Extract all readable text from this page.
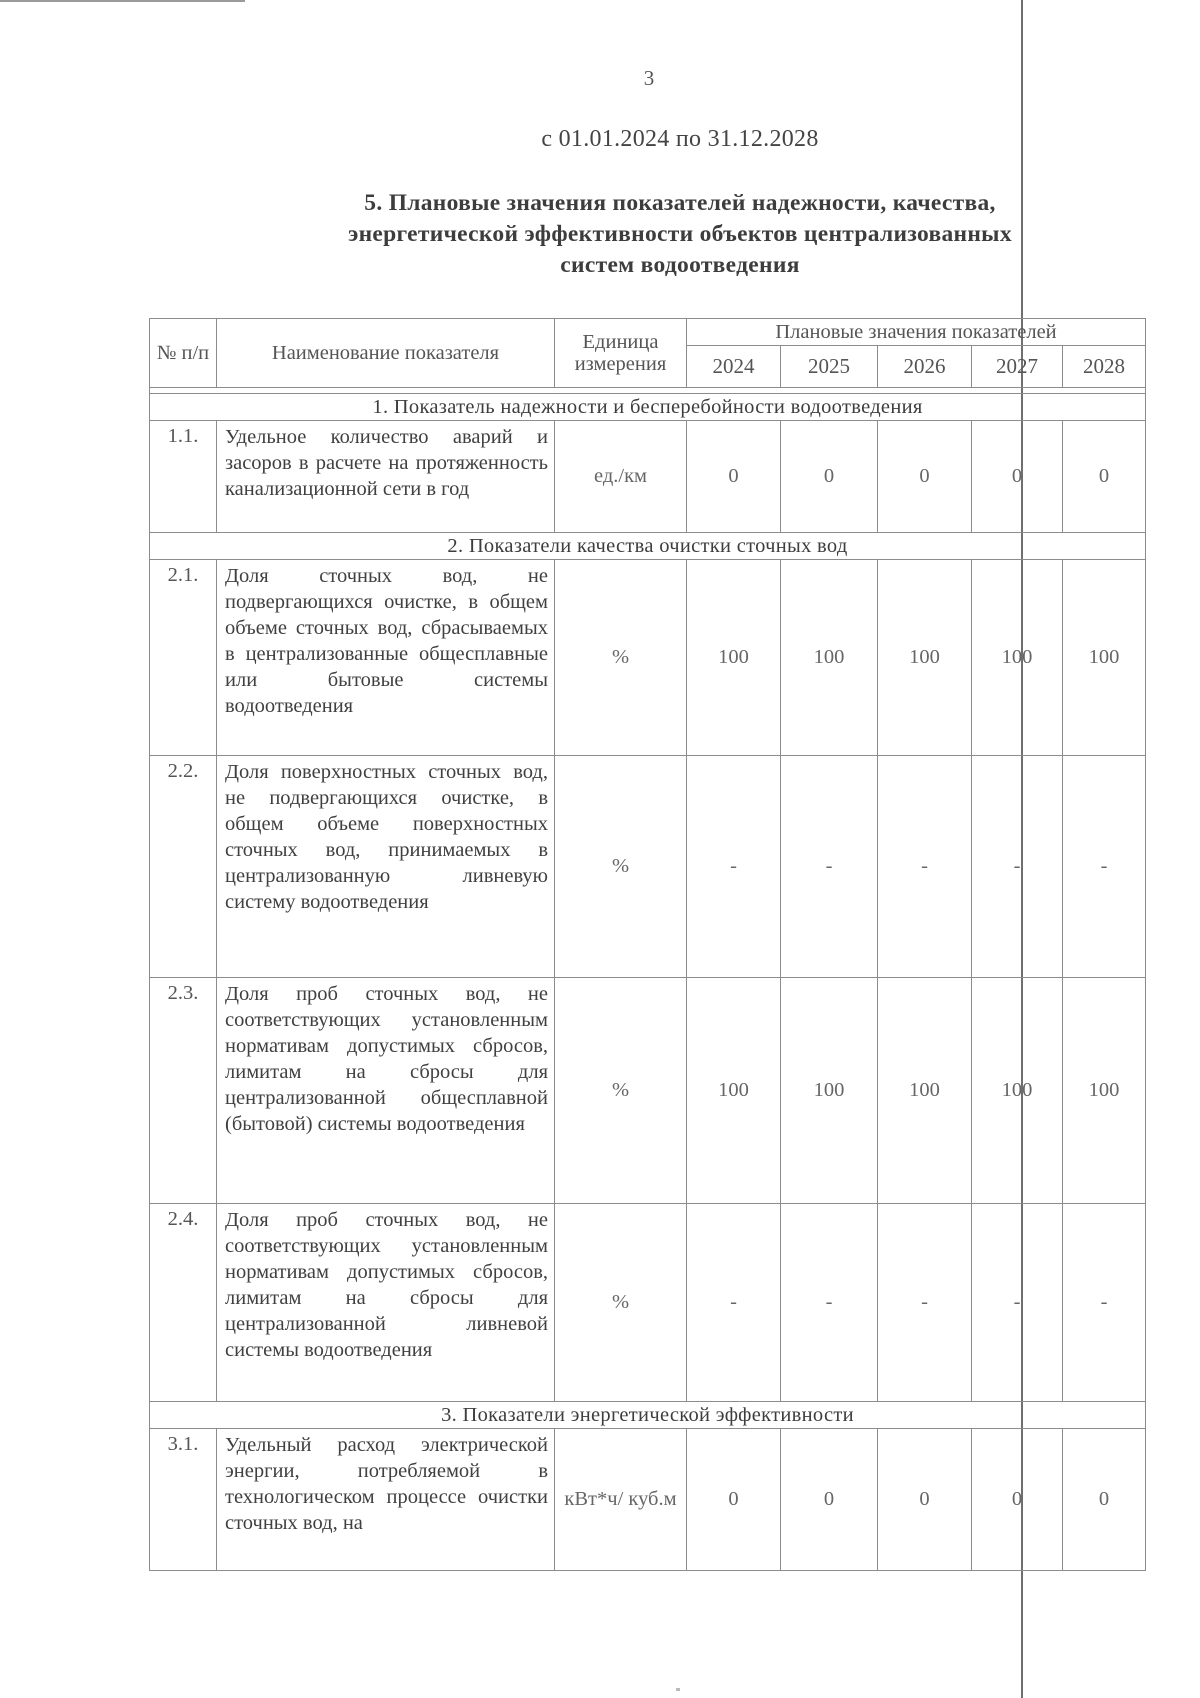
3
с 01.01.2024 по 31.12.2028
5. Плановые значения показателей надежности, качества,
энергетической эффективности объектов централизованных
систем водоотведения
№ п/п	Наименование показателя	Единица измерения	Плановые значения показателей				
			2024	2025	2026	2027	2028

1. Показатель надежности и бесперебойности водоотведения							
1.1.	Удельное количество аварий и засоров в расчете на протяженность канализационной сети в год	ед./км	0	0	0	0	0
2. Показатели качества очистки сточных вод							
2.1.	Доля сточных вод, не подвергающихся очистке, в общем объеме сточных вод, сбрасываемых в централизованные общесплавные или бытовые системы водоотведения	%	100	100	100	100	100
2.2.	Доля поверхностных сточных вод, не подвергающихся очистке, в общем объеме поверхностных сточных вод, принимаемых в централизованную ливневую систему водоотведения	%	-	-	-	-	-
2.3.	Доля проб сточных вод, не соответствующих установленным нормативам допустимых сбросов, лимитам на сбросы для централизованной общесплавной (бытовой) системы водоотведения	%	100	100	100	100	100
2.4.	Доля проб сточных вод, не соответствующих установленным нормативам допустимых сбросов, лимитам на сбросы для централизованной ливневой системы водоотведения	%	-	-	-	-	-
3. Показатели энергетической эффективности							
3.1.	Удельный расход электрической энергии, потребляемой в технологическом процессе очистки сточных вод, на	кВт*ч/ куб.м	0	0	0	0	0
